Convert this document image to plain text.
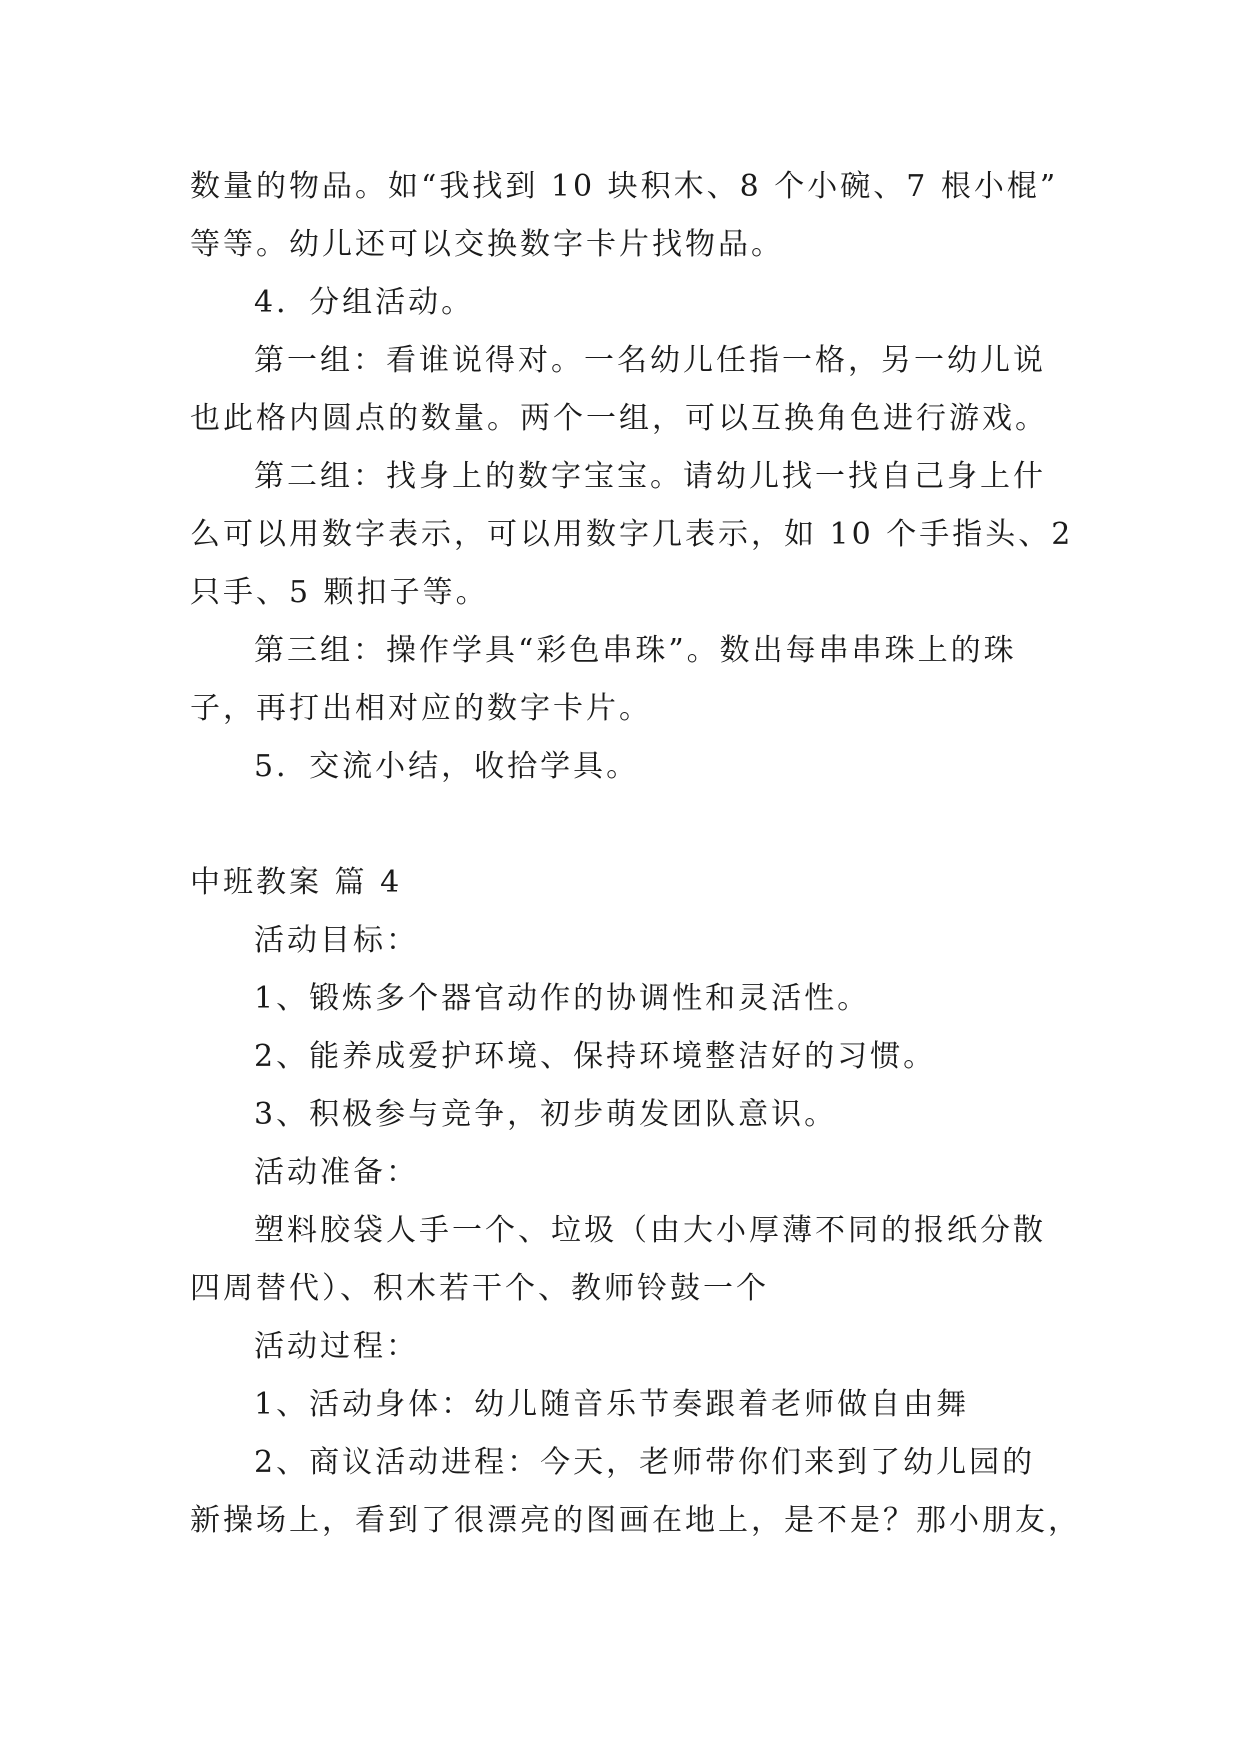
数量的物品。如“我找到 10 块积木、8 个小碗、7 根小棍”
等等。幼儿还可以交换数字卡片找物品。
4．分组活动。
第一组：看谁说得对。一名幼儿任指一格，另一幼儿说
也此格内圆点的数量。两个一组，可以互换角色进行游戏。
第二组：找身上的数字宝宝。请幼儿找一找自己身上什
么可以用数字表示，可以用数字几表示，如 10 个手指头、2
只手、5 颗扣子等。
第三组：操作学具“彩色串珠”。数出每串串珠上的珠
子，再打出相对应的数字卡片。
5．交流小结，收拾学具。
中班教案 篇 4
活动目标：
1、锻炼多个器官动作的协调性和灵活性。
2、能养成爱护环境、保持环境整洁好的习惯。
3、积极参与竞争，初步萌发团队意识。
活动准备：
塑料胶袋人手一个、垃圾（由大小厚薄不同的报纸分散
四周替代）、积木若干个、教师铃鼓一个
活动过程：
1、活动身体：幼儿随音乐节奏跟着老师做自由舞
2、商议活动进程：今天，老师带你们来到了幼儿园的
新操场上，看到了很漂亮的图画在地上，是不是？那小朋友，
